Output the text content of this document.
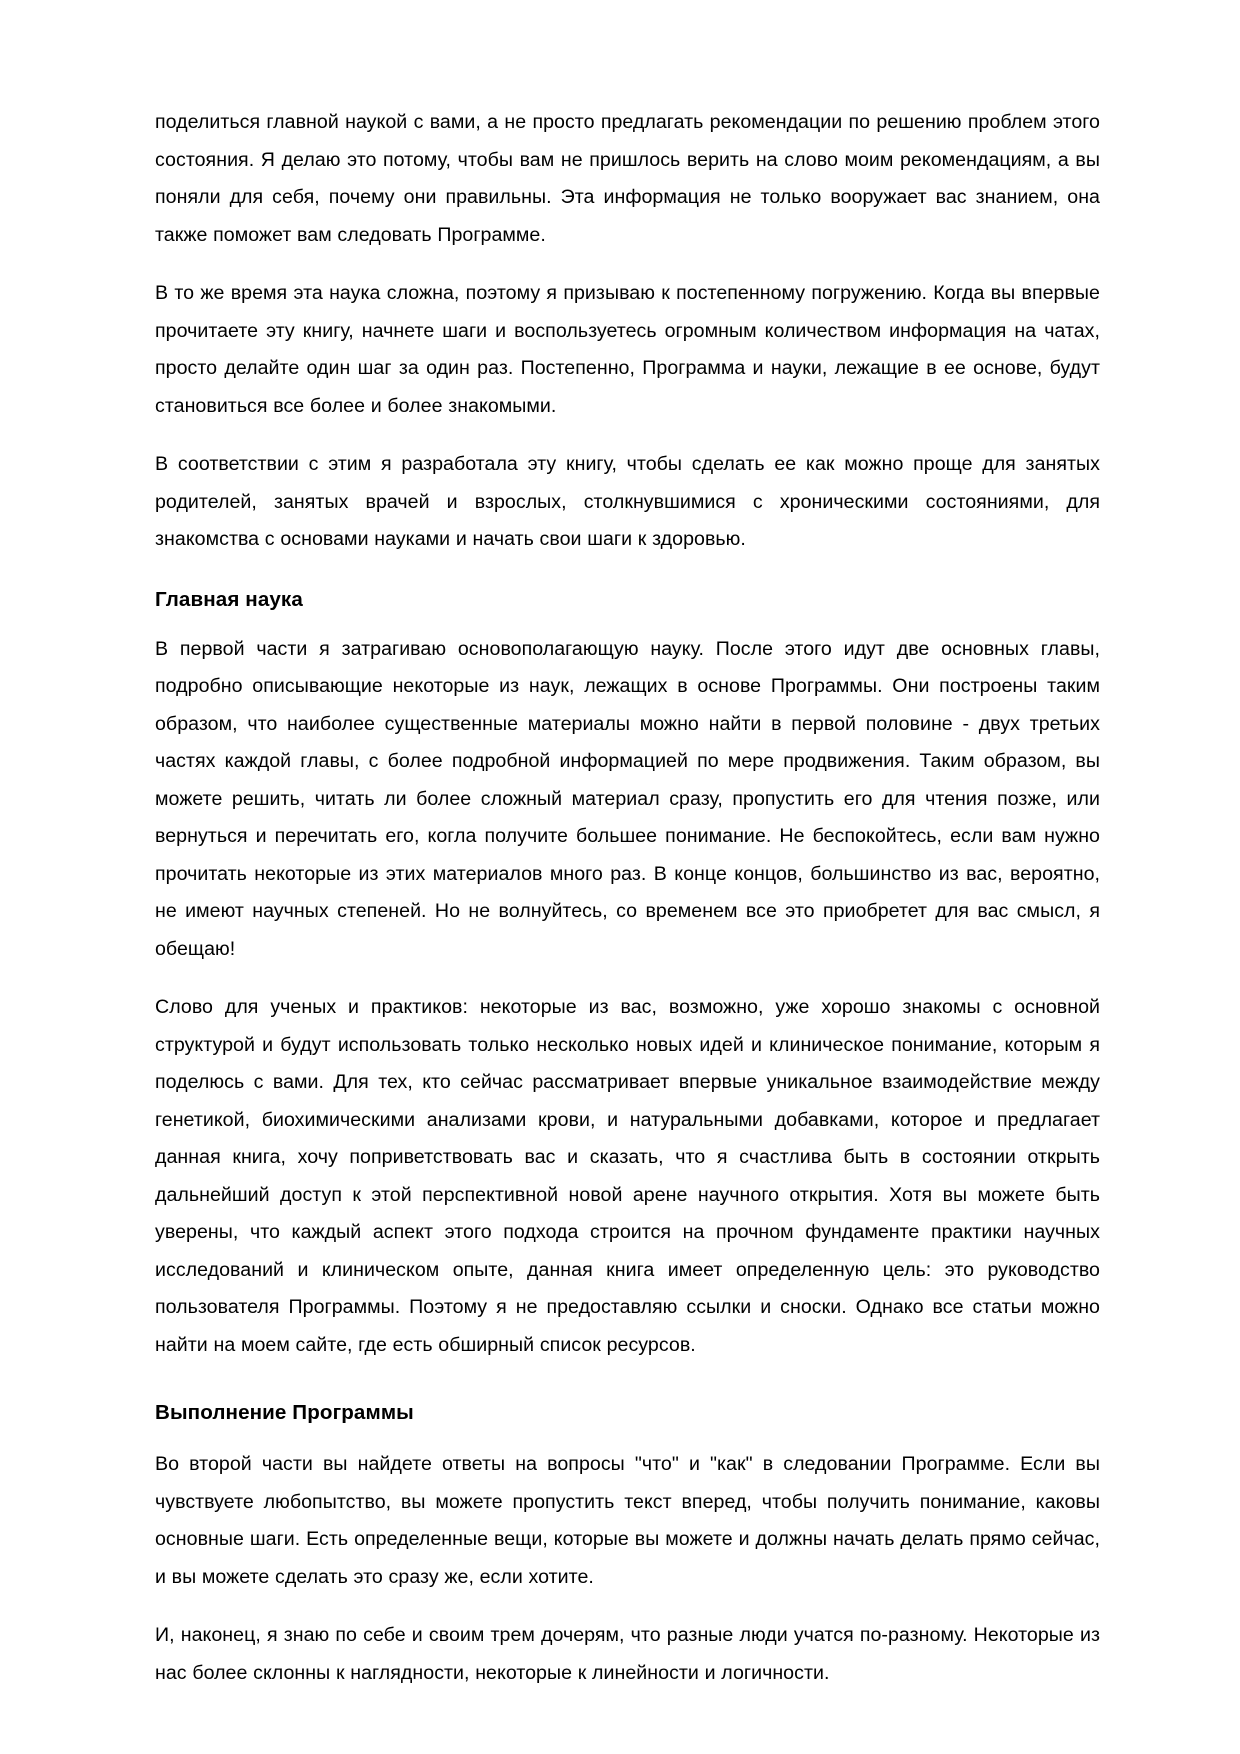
поделиться главной наукой с вами, а не просто предлагать рекомендации по решению проблем этого состояния. Я делаю это потому, чтобы вам не пришлось верить на слово моим рекомендациям, а вы поняли для себя, почему они правильны. Эта информация не только вооружает вас знанием, она также поможет вам следовать Программе.

В то же время эта наука сложна, поэтому я призываю к постепенному погружению. Когда вы впервые прочитаете эту книгу, начнете шаги и воспользуетесь огромным количеством информация на чатах, просто делайте один шаг за один раз. Постепенно, Программа и науки, лежащие в ее основе, будут становиться все более и более знакомыми.

В соответствии с этим я разработала эту книгу, чтобы сделать ее как можно проще для занятых родителей, занятых врачей и взрослых, столкнувшимися с хроническими состояниями, для знакомства с основами науками и начать свои шаги к здоровью.

Главная наука

В первой части я затрагиваю основополагающую науку. После этого идут две основных главы, подробно описывающие некоторые из наук, лежащих в основе Программы. Они построены таким образом, что наиболее существенные материалы можно найти в первой половине - двух третьих частях каждой главы, с более подробной информацией по мере продвижения. Таким образом, вы можете решить, читать ли более сложный материал сразу, пропустить его для чтения позже, или вернуться и перечитать его, когла получите большее понимание. Не беспокойтесь, если вам нужно прочитать некоторые из этих материалов много раз. В конце концов, большинство из вас, вероятно, не имеют научных степеней. Но не волнуйтесь, со временем все это приобретет для вас смысл, я обещаю!

Слово для ученых и практиков: некоторые из вас, возможно, уже хорошо знакомы с основной структурой и будут использовать только несколько новых идей и клиническое понимание, которым я поделюсь с вами. Для тех, кто сейчас рассматривает впервые уникальное взаимодействие между генетикой, биохимическими анализами крови, и натуральными добавками, которое и предлагает данная книга, хочу поприветствовать вас и сказать, что я счастлива быть в состоянии открыть дальнейший доступ к этой перспективной новой арене научного открытия. Хотя вы можете быть уверены, что каждый аспект этого подхода строится на прочном фундаменте практики научных исследований и клиническом опыте, данная книга имеет определенную цель: это руководство пользователя Программы. Поэтому я не предоставляю ссылки и сноски. Однако все статьи можно найти на моем сайте, где есть обширный список ресурсов.

Выполнение Программы

Во второй части вы найдете ответы на вопросы "что" и "как" в следовании Программе. Если вы чувствуете любопытство, вы можете пропустить текст вперед, чтобы получить понимание, каковы основные шаги. Есть определенные вещи, которые вы можете и должны начать делать прямо сейчас, и вы можете сделать это сразу же, если хотите.

И, наконец, я знаю по себе и своим трем дочерям, что разные люди учатся по-разному. Некоторые из нас более склонны к наглядности, некоторые к линейности и логичности.
